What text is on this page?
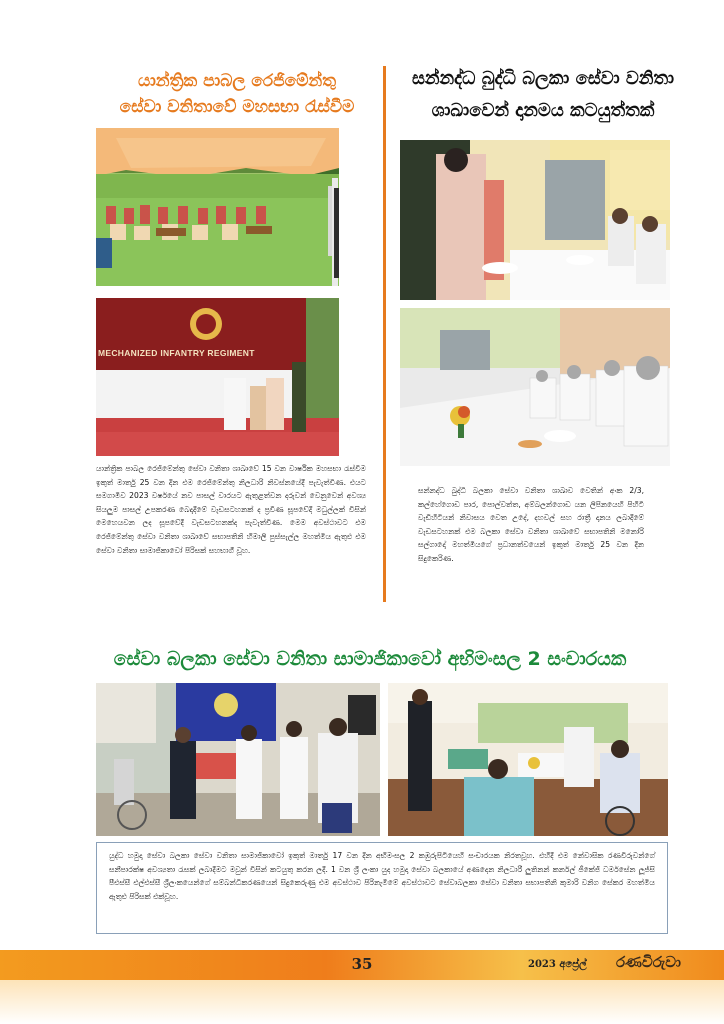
යාන්ත්‍රික පාබල රෙජිමේන්තු
සේවා වනිතාවේ මහසභා රැස්වීම
MECHANIZED INFANTRY REGIMENT
යාන්ත්‍රික පාබල රෙජිමේන්තු සේවා වනිතා ශාඛාවේ 15 වන වාර්ෂික මහසභා රැස්වීම ඉකුත් මාර්තු 25 වන දින එම රෙජිමේන්තු නිලධාරි නිවස්නයේදී පැවැත්විණ. එයට සමගාමීව 2023 වර්ෂයේ නව පාසල් වාරයට ඇතුළත්වන දරුවන් වෙනුවෙන් අවශ්‍ය සියලුම පාසල් උපකරණ බෙදාදීමේ වැඩසටහනක් ද ප්‍රවීණ සූපවේදී මධුල්ලක් විසින් මෙහෙයවන ලද සූපවේදී වැඩසටහනක්ද පැවැත්විණ. මෙම අවස්ථාවට එම රෙජිමේන්තු සේවා වනිතා ශාඛාවේ සභාපතිනි හිමාලි පුස්සැල්ල මහත්මිය ඇතුළු එම සේවා වනිතා සාමාජිකාවෝ පිරිසක් සහභාගී වූහ.
සන්නද්ධ බුද්ධි බලකා සේවා වනිතා
ශාඛාවෙන් දානමය කටයුත්තක්
සන්නද්ධ බුද්ධි බලකා සේවා වනිතා ශාඛාව වෙතින් අංක 2/3, කල්හේගොඩ පාර, පොල්වත්ත, අම්බලන්ගොඩ යන ලිපිනයෙහි පිහිටි වැඩිහිටියන් නිවාසය වෙත උදේ, දහවල් සහ රාත්‍රී දානය ලබාදීමේ වැඩසටහනක් එම බලකා සේවා වනිතා ශාඛාවේ සභාපතිනි මනෝරි සල්ගාදෝ මහත්මියගේ ප්‍රධානත්වයෙන් ඉකුත් මාර්තු 25 වන දින සිදුකෙරිණ.
සේවා බලකා සේවා වනිතා සාමාජිකාවෝ අභිමංසල 2 සංචාරයක
යුද්ධ හමුදා සේවා බලකා සේවා වනිතා සාමාජිකාවෝ ඉකුත් මාර්තු 17 වන දින අභිමංසල 2 කඹුරුපිටියෙහි සංචාරයක නිරතවූහ. එහිදී එම නේවාසික රණවිරුවන්ගේ සනීපාරක්ෂ අවශ්‍යතා රැසක් ලබාදීමට මවුන් විසින් කටයුතු කරන ලදී. 1 වන ශ්‍රී ලංකා යුද හමුදා සේවා බලකායේ අණදෙන නිලධාරී ලුතිනන් කර්නල් ජීකේජි ධර්මසේන ලූජ්සි පීඑස්සී එල්එස්සී ශ්‍රීලංකයෙන්ගේ සම්බන්ධීකරණයෙන් සිදුකෙරුණු එම අවස්ථාව පිරිනැමීමේ අවස්ථාවට සේවාබලකා සේවා වනිතා සභාපතිනි කුමාරි වනිග සේකර මහත්මිය ඇතුළු පිරිසක් එක්වූහ.
35	2023 අප්‍රේල් රණවිරුවා
